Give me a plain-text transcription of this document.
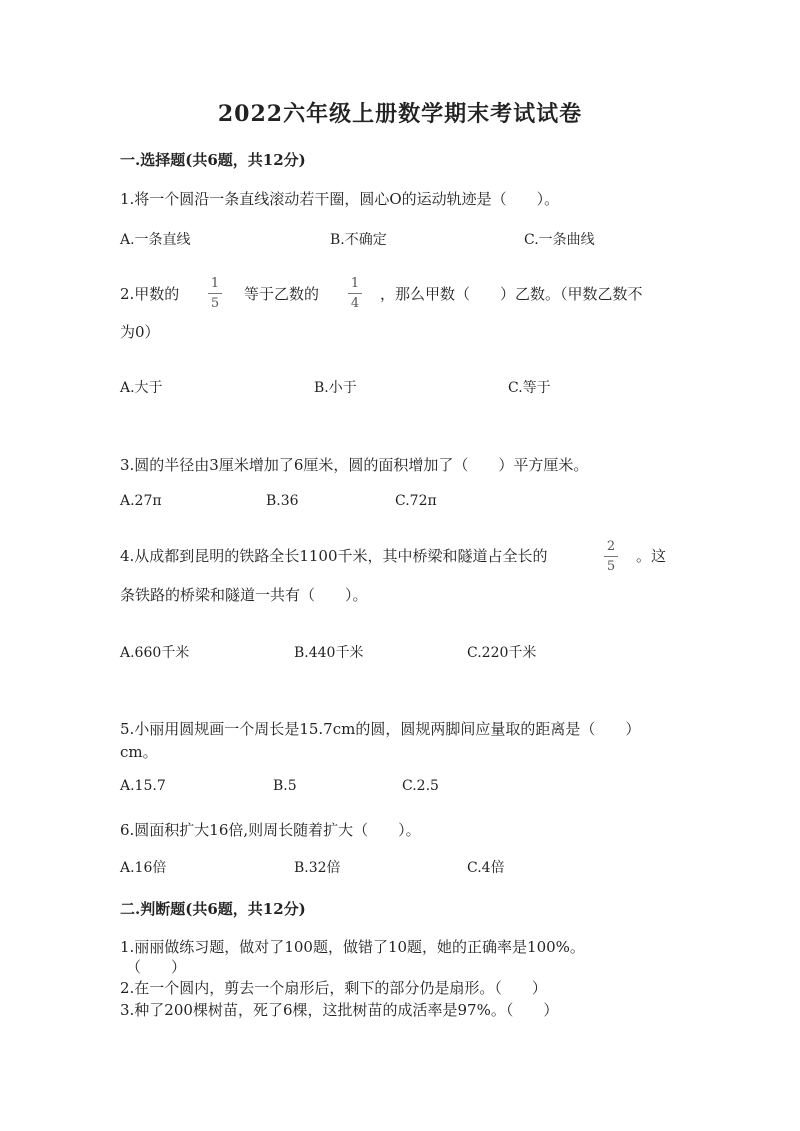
2022六年级上册数学期末考试试卷
一.选择题(共6题，共12分)
1.将一个圆沿一条直线滚动若干圈，圆心O的运动轨迹是（　　）。
A.一条直线	B.不确定	C.一条曲线
2.甲数的
1
5
等于乙数的
1
4
，那么甲数（　　）乙数。（甲数乙数不
为0）
A.大于	B.小于	C.等于
3.圆的半径由3厘米增加了6厘米，圆的面积增加了（　　）平方厘米。
A.27π	B.36	C.72π
4.从成都到昆明的铁路全长1100千米，其中桥梁和隧道占全长的
2
5
。这
条铁路的桥梁和隧道一共有（　　）。
A.660千米	B.440千米	C.220千米
5.小丽用圆规画一个周长是15.7cm的圆，圆规两脚间应量取的距离是（　　）
cm。
A.15.7	B.5	C.2.5
6.圆面积扩大16倍,则周长随着扩大（　　）。
A.16倍	B.32倍	C.4倍
二.判断题(共6题，共12分)
1.丽丽做练习题，做对了100题，做错了10题，她的正确率是100%。
（　　）
2.在一个圆内，剪去一个扇形后，剩下的部分仍是扇形。（　　）
3.种了200棵树苗，死了6棵，这批树苗的成活率是97%。（　　）
